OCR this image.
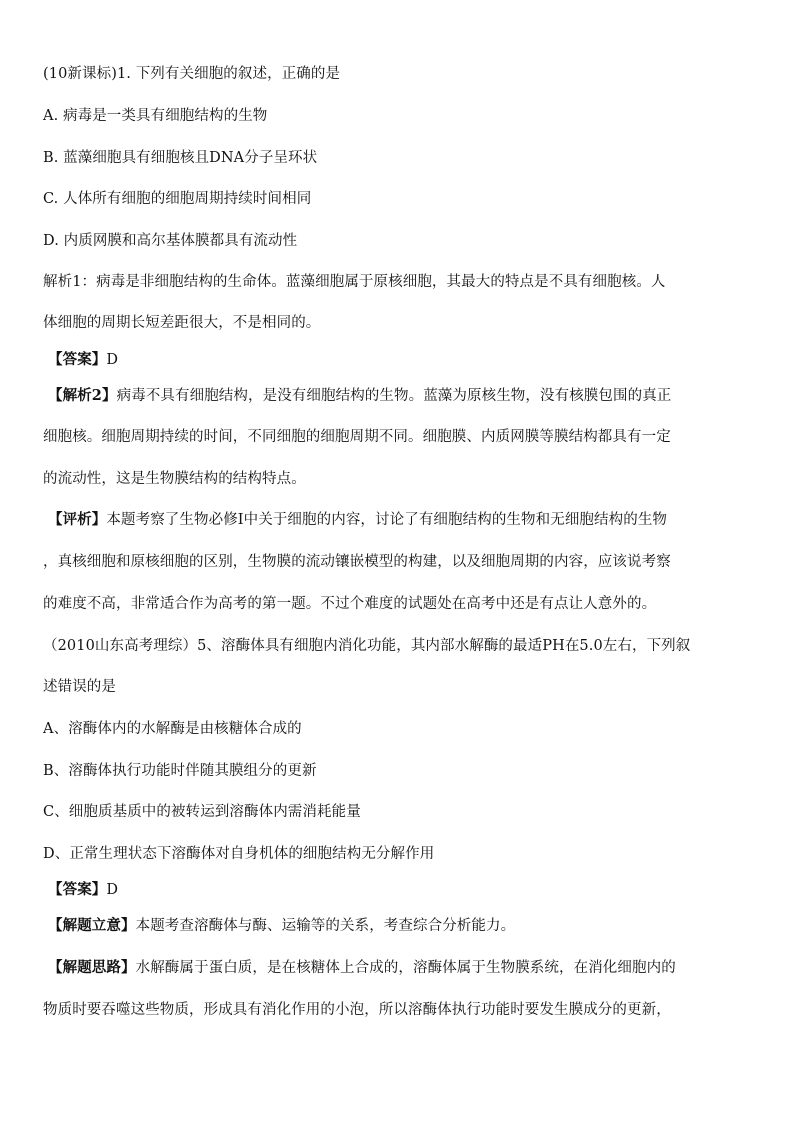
(10新课标)1. 下列有关细胞的叙述，正确的是
A. 病毒是一类具有细胞结构的生物
B. 蓝藻细胞具有细胞核且DNA分子呈环状
C. 人体所有细胞的细胞周期持续时间相同
D. 内质网膜和高尔基体膜都具有流动性
解析1：病毒是非细胞结构的生命体。蓝藻细胞属于原核细胞，其最大的特点是不具有细胞核。人
体细胞的周期长短差距很大，不是相同的。
【答案】D
【解析2】病毒不具有细胞结构，是没有细胞结构的生物。蓝藻为原核生物，没有核膜包围的真正
细胞核。细胞周期持续的时间，不同细胞的细胞周期不同。细胞膜、内质网膜等膜结构都具有一定
的流动性，这是生物膜结构的结构特点。
【评析】本题考察了生物必修I中关于细胞的内容，讨论了有细胞结构的生物和无细胞结构的生物
，真核细胞和原核细胞的区别，生物膜的流动镶嵌模型的构建，以及细胞周期的内容，应该说考察
的难度不高，非常适合作为高考的第一题。不过个难度的试题处在高考中还是有点让人意外的。
（2010山东高考理综）5、溶酶体具有细胞内消化功能，其内部水解酶的最适PH在5.0左右，下列叙
述错误的是
A、溶酶体内的水解酶是由核糖体合成的
B、溶酶体执行功能时伴随其膜组分的更新
C、细胞质基质中的被转运到溶酶体内需消耗能量
D、正常生理状态下溶酶体对自身机体的细胞结构无分解作用
【答案】D
【解题立意】本题考查溶酶体与酶、运输等的关系，考查综合分析能力。
【解题思路】水解酶属于蛋白质，是在核糖体上合成的，溶酶体属于生物膜系统，在消化细胞内的
物质时要吞噬这些物质，形成具有消化作用的小泡，所以溶酶体执行功能时要发生膜成分的更新，
